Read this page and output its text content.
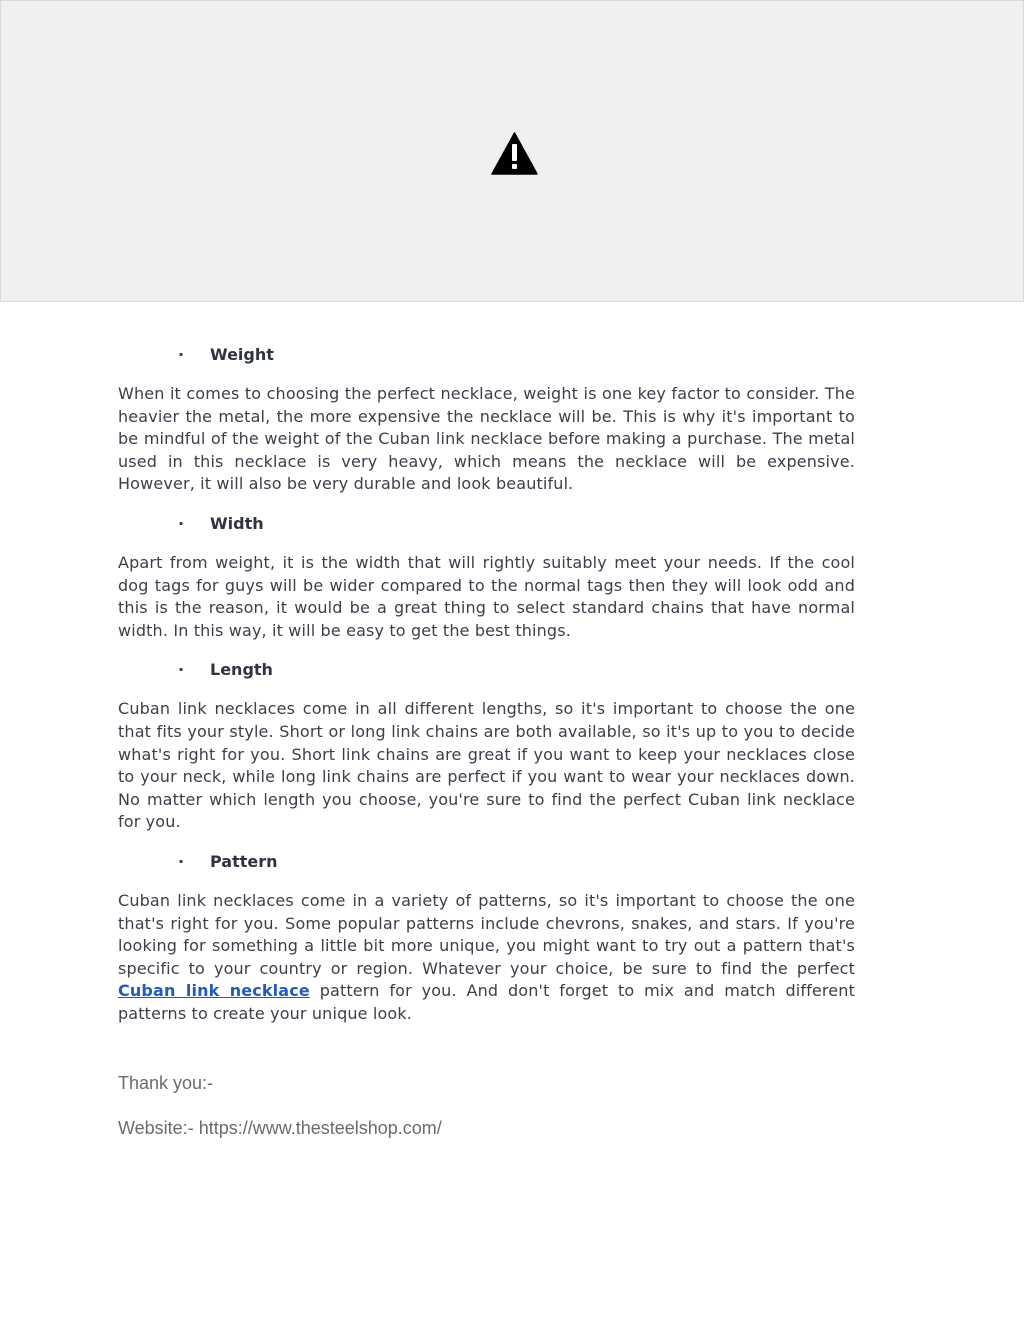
· Weight

When it comes to choosing the perfect necklace, weight is one key factor to consider. The heavier the metal, the more expensive the necklace will be. This is why it's important to be mindful of the weight of the Cuban link necklace before making a purchase. The metal used in this necklace is very heavy, which means the necklace will be expensive. However, it will also be very durable and look beautiful.

· Width

Apart from weight, it is the width that will rightly suitably meet your needs. If the cool dog tags for guys will be wider compared to the normal tags then they will look odd and this is the reason, it would be a great thing to select standard chains that have normal width. In this way, it will be easy to get the best things.

· Length

Cuban link necklaces come in all different lengths, so it's important to choose the one that fits your style. Short or long link chains are both available, so it's up to you to decide what's right for you. Short link chains are great if you want to keep your necklaces close to your neck, while long link chains are perfect if you want to wear your necklaces down. No matter which length you choose, you're sure to find the perfect Cuban link necklace for you.

· Pattern

Cuban link necklaces come in a variety of patterns, so it's important to choose the one that's right for you. Some popular patterns include chevrons, snakes, and stars. If you're looking for something a little bit more unique, you might want to try out a pattern that's specific to your country or region. Whatever your choice, be sure to find the perfect Cuban link necklace pattern for you. And don't forget to mix and match different patterns to create your unique look.

Thank you:-

Website:- https://www.thesteelshop.com/
